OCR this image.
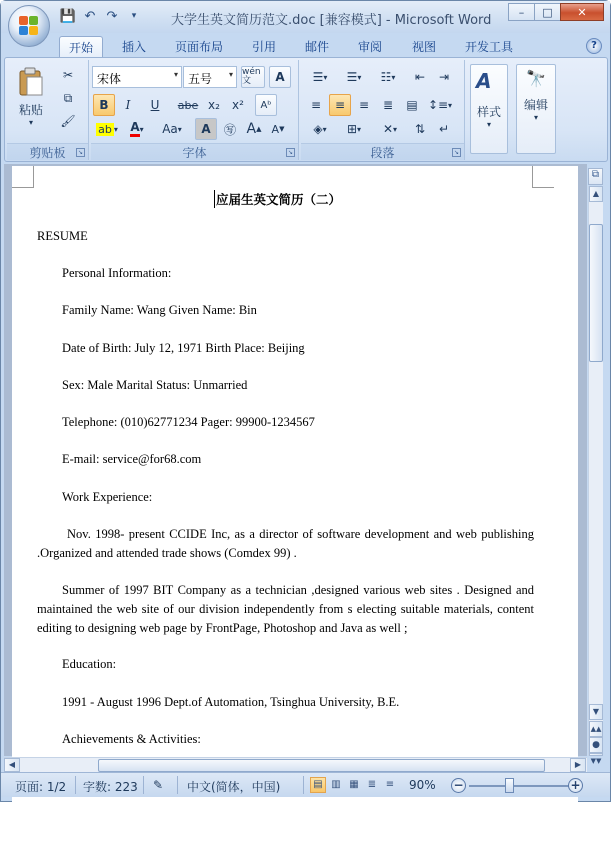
💾 ↶ ↷	▾	大学生英文简历范文.doc [兼容模式] - Microsoft Word
–	□	✕
开始	插入	页面布局	引用	邮件	审阅	视图	开发工具	?
粘贴
▾
✂
⧉
🖌
剪贴板	↘
宋体	▾ 五号 ▾ wén 文	A
B	I	U	abe x₂	x²	Aᵇ
ab ▾ A ▾ Aa ▾	A	㊢ A ▲ A ▼
字体	↘
☰ ▾ ☰ ▾ ☷ ▾	⇤	⇥
≡	≡	≡	≣	▤ ↕≡ ▾
◈ ▾ ⊞ ▾ ✕ ▾	⇅	↵
段落	↘
A
样式
▾
🔭
编辑
▾
应届生英文简历（二）
RESUME
Personal Information:
Family Name: Wang Given Name: Bin
Date of Birth: July 12, 1971 Birth Place: Beijing
Sex: Male Marital Status: Unmarried
Telephone: (010)62771234 Pager: 99900-1234567
E-mail: service@for68.com
Work Experience:
Nov. 1998- present CCIDE Inc, as a director of software development and web publishing .Organized and attended trade shows (Comdex 99) .
Summer of 1997 BIT Company as a technician ,designed various web sites . Designed and maintained the web site of our division independently from s electing suitable materials, content editing to designing web page by FrontPage, Photoshop and Java as well ;
Education:
1991 - August 1996 Dept.of Automation, Tsinghua University, B.E.
Achievements & Activities:
⧉
▲
▼
▲▲
●
▼▼
◀	▶
页面: 1/2 字数: 223 ✎ 中文(简体，中国)	▤ ▥ ▦ ≣ ≡	90% −	+
